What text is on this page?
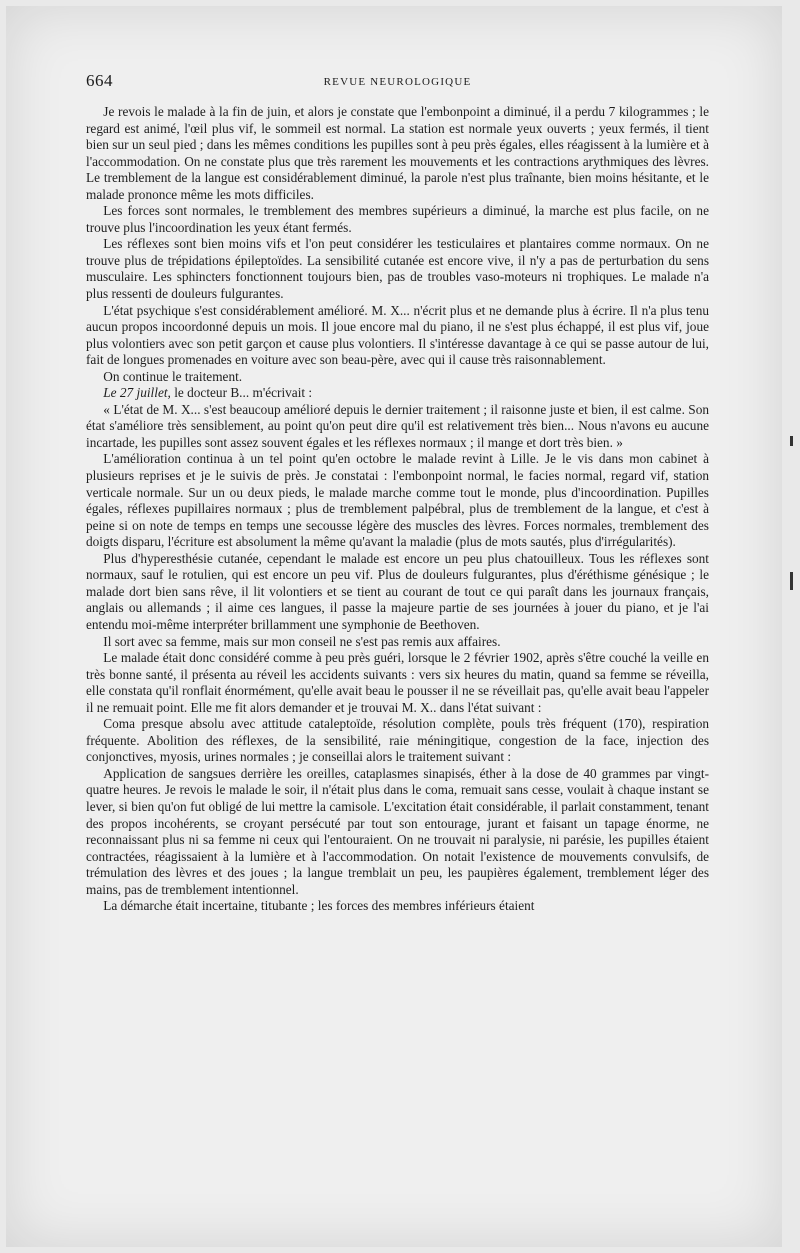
664	REVUE NEUROLOGIQUE

Je revois le malade à la fin de juin, et alors je constate que l'embonpoint a diminué, il a perdu 7 kilogrammes ; le regard est animé, l'œil plus vif, le sommeil est normal. La station est normale yeux ouverts ; yeux fermés, il tient bien sur un seul pied ; dans les mêmes conditions les pupilles sont à peu près égales, elles réagissent à la lumière et à l'accommodation. On ne constate plus que très rarement les mouvements et les contractions arythmiques des lèvres. Le tremblement de la langue est considérablement diminué, la parole n'est plus traînante, bien moins hésitante, et le malade prononce même les mots difficiles.

Les forces sont normales, le tremblement des membres supérieurs a diminué, la marche est plus facile, on ne trouve plus l'incoordination les yeux étant fermés.

Les réflexes sont bien moins vifs et l'on peut considérer les testiculaires et plantaires comme normaux. On ne trouve plus de trépidations épileptoïdes. La sensibilité cutanée est encore vive, il n'y a pas de perturbation du sens musculaire. Les sphincters fonctionnent toujours bien, pas de troubles vaso-moteurs ni trophiques. Le malade n'a plus ressenti de douleurs fulgurantes.

L'état psychique s'est considérablement amélioré. M. X... n'écrit plus et ne demande plus à écrire. Il n'a plus tenu aucun propos incoordonné depuis un mois. Il joue encore mal du piano, il ne s'est plus échappé, il est plus vif, joue plus volontiers avec son petit garçon et cause plus volontiers. Il s'intéresse davantage à ce qui se passe autour de lui, fait de longues promenades en voiture avec son beau-père, avec qui il cause très raisonnablement.

On continue le traitement.

Le 27 juillet, le docteur B... m'écrivait :

« L'état de M. X... s'est beaucoup amélioré depuis le dernier traitement ; il raisonne juste et bien, il est calme. Son état s'améliore très sensiblement, au point qu'on peut dire qu'il est relativement très bien... Nous n'avons eu aucune incartade, les pupilles sont assez souvent égales et les réflexes normaux ; il mange et dort très bien. »

L'amélioration continua à un tel point qu'en octobre le malade revint à Lille. Je le vis dans mon cabinet à plusieurs reprises et je le suivis de près. Je constatai : l'embonpoint normal, le facies normal, regard vif, station verticale normale. Sur un ou deux pieds, le malade marche comme tout le monde, plus d'incoordination. Pupilles égales, réflexes pupillaires normaux ; plus de tremblement palpébral, plus de tremblement de la langue, et c'est à peine si on note de temps en temps une secousse légère des muscles des lèvres. Forces normales, tremblement des doigts disparu, l'écriture est absolument la même qu'avant la maladie (plus de mots sautés, plus d'irrégularités).

Plus d'hyperesthésie cutanée, cependant le malade est encore un peu plus chatouilleux. Tous les réflexes sont normaux, sauf le rotulien, qui est encore un peu vif. Plus de douleurs fulgurantes, plus d'éréthisme génésique ; le malade dort bien sans rêve, il lit volontiers et se tient au courant de tout ce qui paraît dans les journaux français, anglais ou allemands ; il aime ces langues, il passe la majeure partie de ses journées à jouer du piano, et je l'ai entendu moi-même interpréter brillamment une symphonie de Beethoven.

Il sort avec sa femme, mais sur mon conseil ne s'est pas remis aux affaires.

Le malade était donc considéré comme à peu près guéri, lorsque le 2 février 1902, après s'être couché la veille en très bonne santé, il présenta au réveil les accidents suivants : vers six heures du matin, quand sa femme se réveilla, elle constata qu'il ronflait énormément, qu'elle avait beau le pousser il ne se réveillait pas, qu'elle avait beau l'appeler il ne remuait point. Elle me fit alors demander et je trouvai M. X.. dans l'état suivant :

Coma presque absolu avec attitude cataleptoïde, résolution complète, pouls très fréquent (170), respiration fréquente. Abolition des réflexes, de la sensibilité, raie méningitique, congestion de la face, injection des conjonctives, myosis, urines normales ; je conseillai alors le traitement suivant :

Application de sangsues derrière les oreilles, cataplasmes sinapisés, éther à la dose de 40 grammes par vingt-quatre heures. Je revois le malade le soir, il n'était plus dans le coma, remuait sans cesse, voulait à chaque instant se lever, si bien qu'on fut obligé de lui mettre la camisole. L'excitation était considérable, il parlait constamment, tenant des propos incohérents, se croyant persécuté par tout son entourage, jurant et faisant un tapage énorme, ne reconnaissant plus ni sa femme ni ceux qui l'entouraient. On ne trouvait ni paralysie, ni parésie, les pupilles étaient contractées, réagissaient à la lumière et à l'accommodation. On notait l'existence de mouvements convulsifs, de trémulation des lèvres et des joues ; la langue tremblait un peu, les paupières également, tremblement léger des mains, pas de tremblement intentionnel.

La démarche était incertaine, titubante ; les forces des membres inférieurs étaient
